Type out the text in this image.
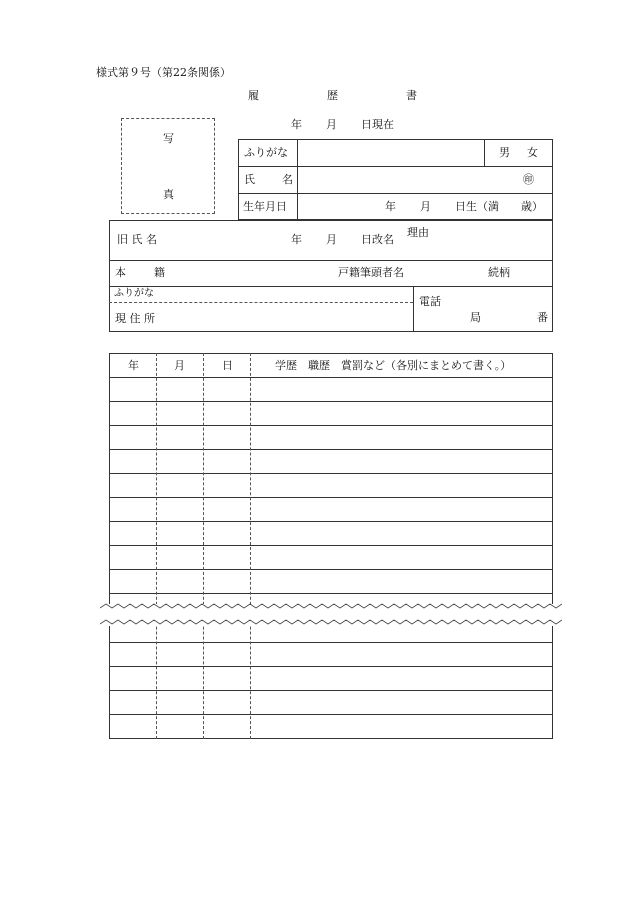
様式第９号（第22条関係）
履	歴	書
年 月 日現在
写
真
ふりがな	男 女
氏 名	㊞
生年月日	年 月 日生（満 歳）
旧 氏 名	年 月 日改名
理由
本	籍	戸籍筆頭者名	続柄
ふりがな
現 住 所
電話
局	番
年	月	日	学歴　職歴　賞罰など（各別にまとめて書く。）
